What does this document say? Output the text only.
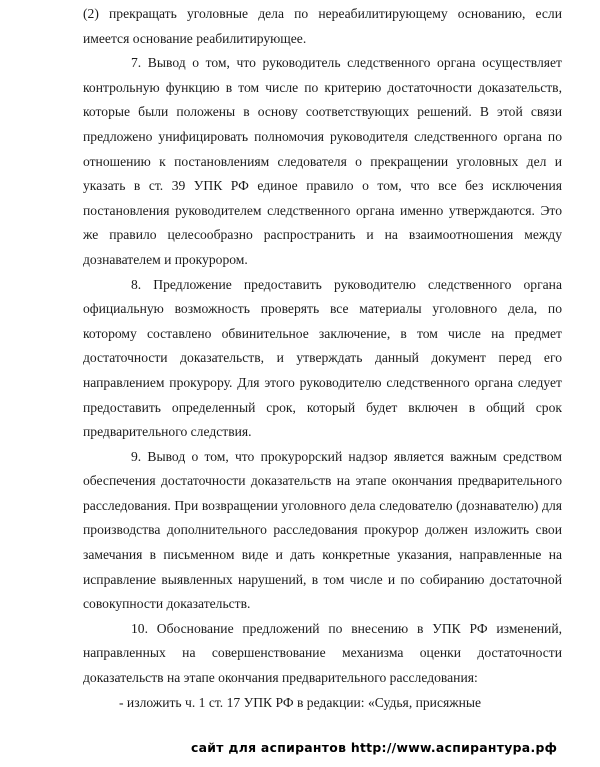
(2) прекращать уголовные дела по нереабилитирующему основанию, если имеется основание реабилитирующее.

7. Вывод о том, что руководитель следственного органа осуществляет контрольную функцию в том числе по критерию достаточности доказательств, которые были положены в основу соответствующих решений. В этой связи предложено унифицировать полномочия руководителя следственного органа по отношению к постановлениям следователя о прекращении уголовных дел и указать в ст. 39 УПК РФ единое правило о том, что все без исключения постановления руководителем следственного органа именно утверждаются. Это же правило целесообразно распространить и на взаимоотношения между дознавателем и прокурором.

8. Предложение предоставить руководителю следственного органа официальную возможность проверять все материалы уголовного дела, по которому составлено обвинительное заключение, в том числе на предмет достаточности доказательств, и утверждать данный документ перед его направлением прокурору. Для этого руководителю следственного органа следует предоставить определенный срок, который будет включен в общий срок предварительного следствия.

9. Вывод о том, что прокурорский надзор является важным средством обеспечения достаточности доказательств на этапе окончания предварительного расследования. При возвращении уголовного дела следователю (дознавателю) для производства дополнительного расследования прокурор должен изложить свои замечания в письменном виде и дать конкретные указания, направленные на исправление выявленных нарушений, в том числе и по собиранию достаточной совокупности доказательств.

10. Обоснование предложений по внесению в УПК РФ изменений, направленных на совершенствование механизма оценки достаточности доказательств на этапе окончания предварительного расследования:

- изложить ч. 1 ст. 17 УПК РФ в редакции: «Судья, присяжные

сайт для аспирантов http://www.аспирантура.рф
